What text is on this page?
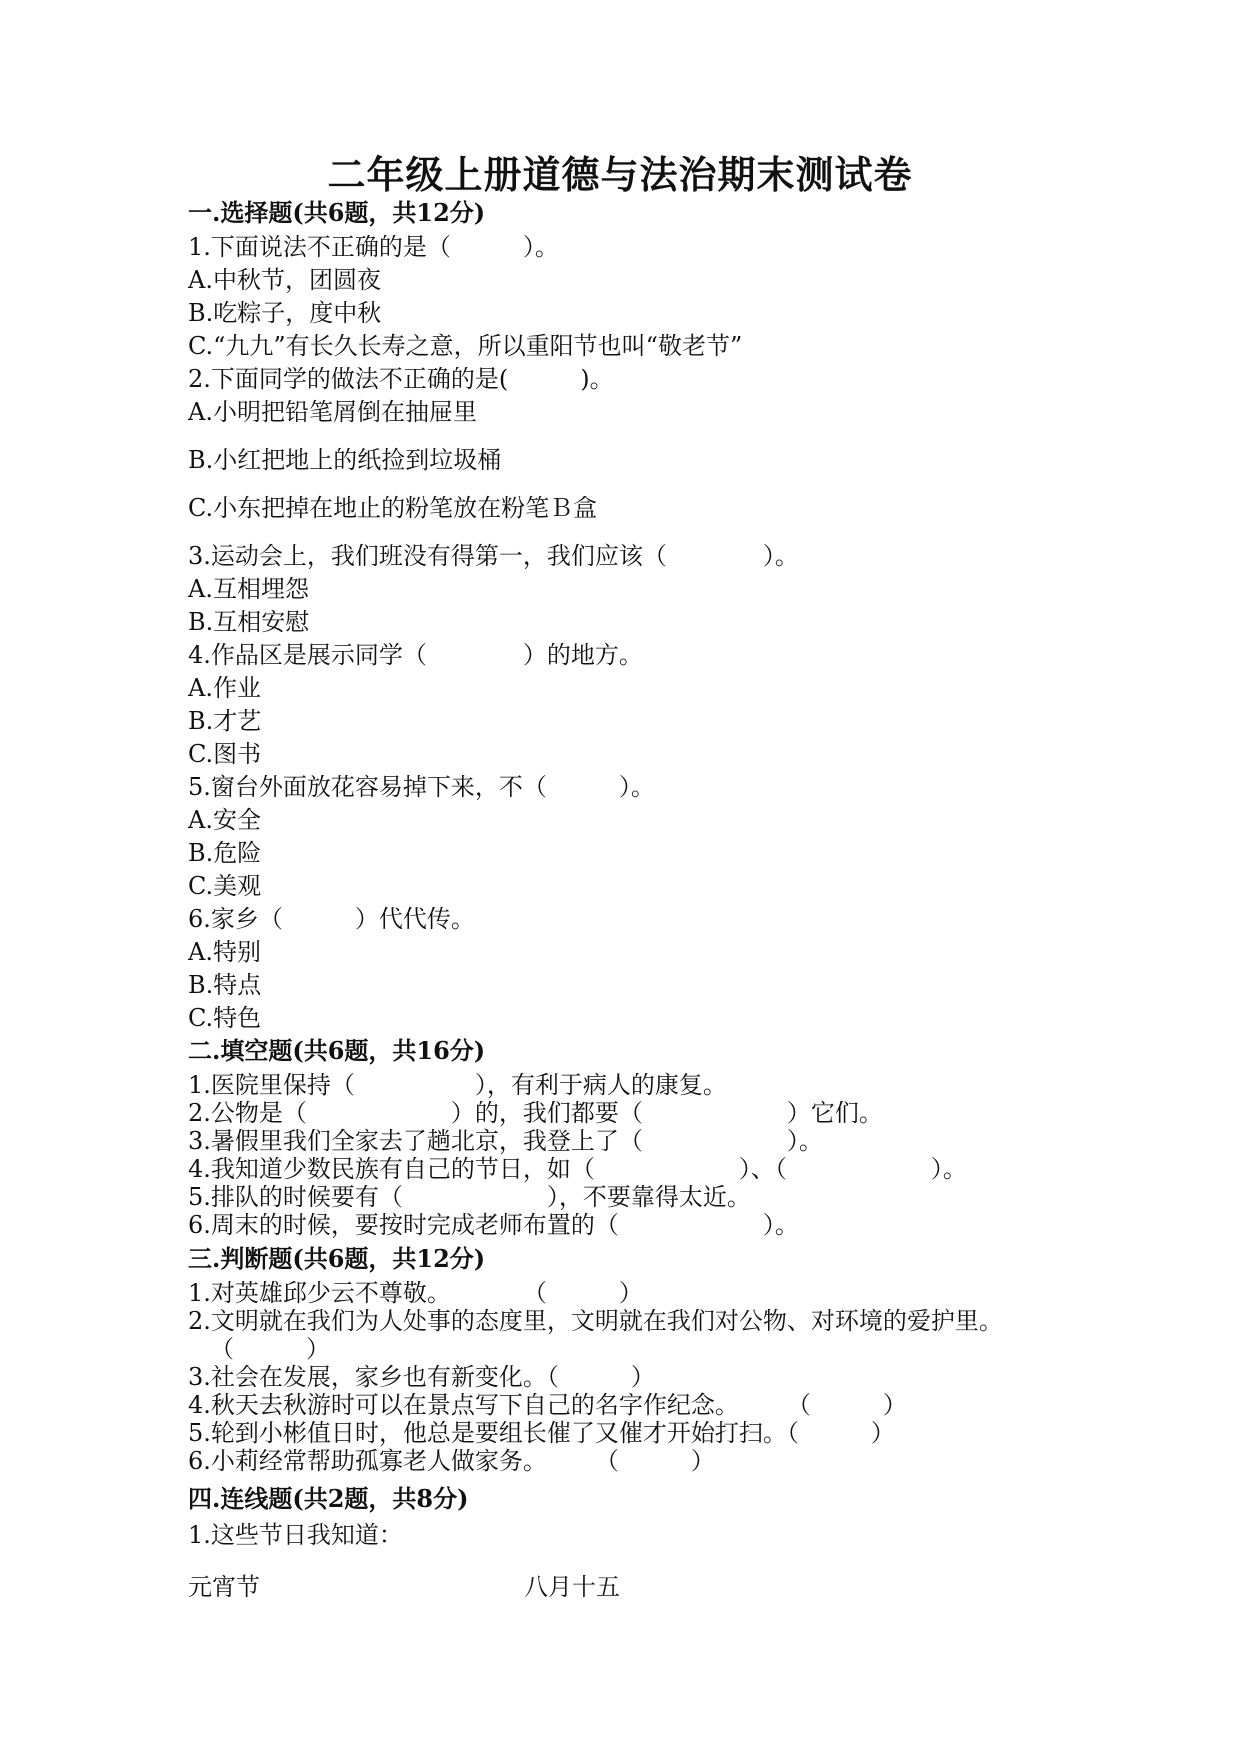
二年级上册道德与法治期末测试卷
一.选择题(共6题，共12分)
1.下面说法不正确的是（　　　）。
A.中秋节，团圆夜
B.吃粽子，度中秋
C.“九九”有长久长寿之意，所以重阳节也叫“敬老节”
2.下面同学的做法不正确的是(　　　)。
A.小明把铅笔屑倒在抽屉里
B.小红把地上的纸捡到垃圾桶
C.小东把掉在地止的粉笔放在粉笔Ｂ盒
3.运动会上，我们班没有得第一，我们应该（　　　　）。
A.互相埋怨
B.互相安慰
4.作品区是展示同学（　　　　）的地方。
A.作业
B.才艺
C.图书
5.窗台外面放花容易掉下来，不（　　　）。
A.安全
B.危险
C.美观
6.家乡（　　　）代代传。
A.特别
B.特点
C.特色
二.填空题(共6题，共16分)
1.医院里保持（　　　　　），有利于病人的康复。
2.公物是（　　　　　　）的，我们都要（　　　　　　）它们。
3.暑假里我们全家去了趟北京，我登上了（　　　　　　）。
4.我知道少数民族有自己的节日，如（　　　　　　）、（　　　　　　）。
5.排队的时候要有（　　　　　　），不要靠得太近。
6.周末的时候，要按时完成老师布置的（　　　　　　）。
三.判断题(共6题，共12分)
1.对英雄邱少云不尊敬。　　　　（　　　）
2.文明就在我们为人处事的态度里，文明就在我们对公物、对环境的爱护里。
（　　　）
3.社会在发展，家乡也有新变化。（　　　）
4.秋天去秋游时可以在景点写下自己的名字作纪念。　　　（　　　）
5.轮到小彬值日时，他总是要组长催了又催才开始打扫。（　　　）
6.小莉经常帮助孤寡老人做家务。　　　（　　　）
四.连线题(共2题，共8分)
1.这些节日我知道：
元宵节	八月十五
